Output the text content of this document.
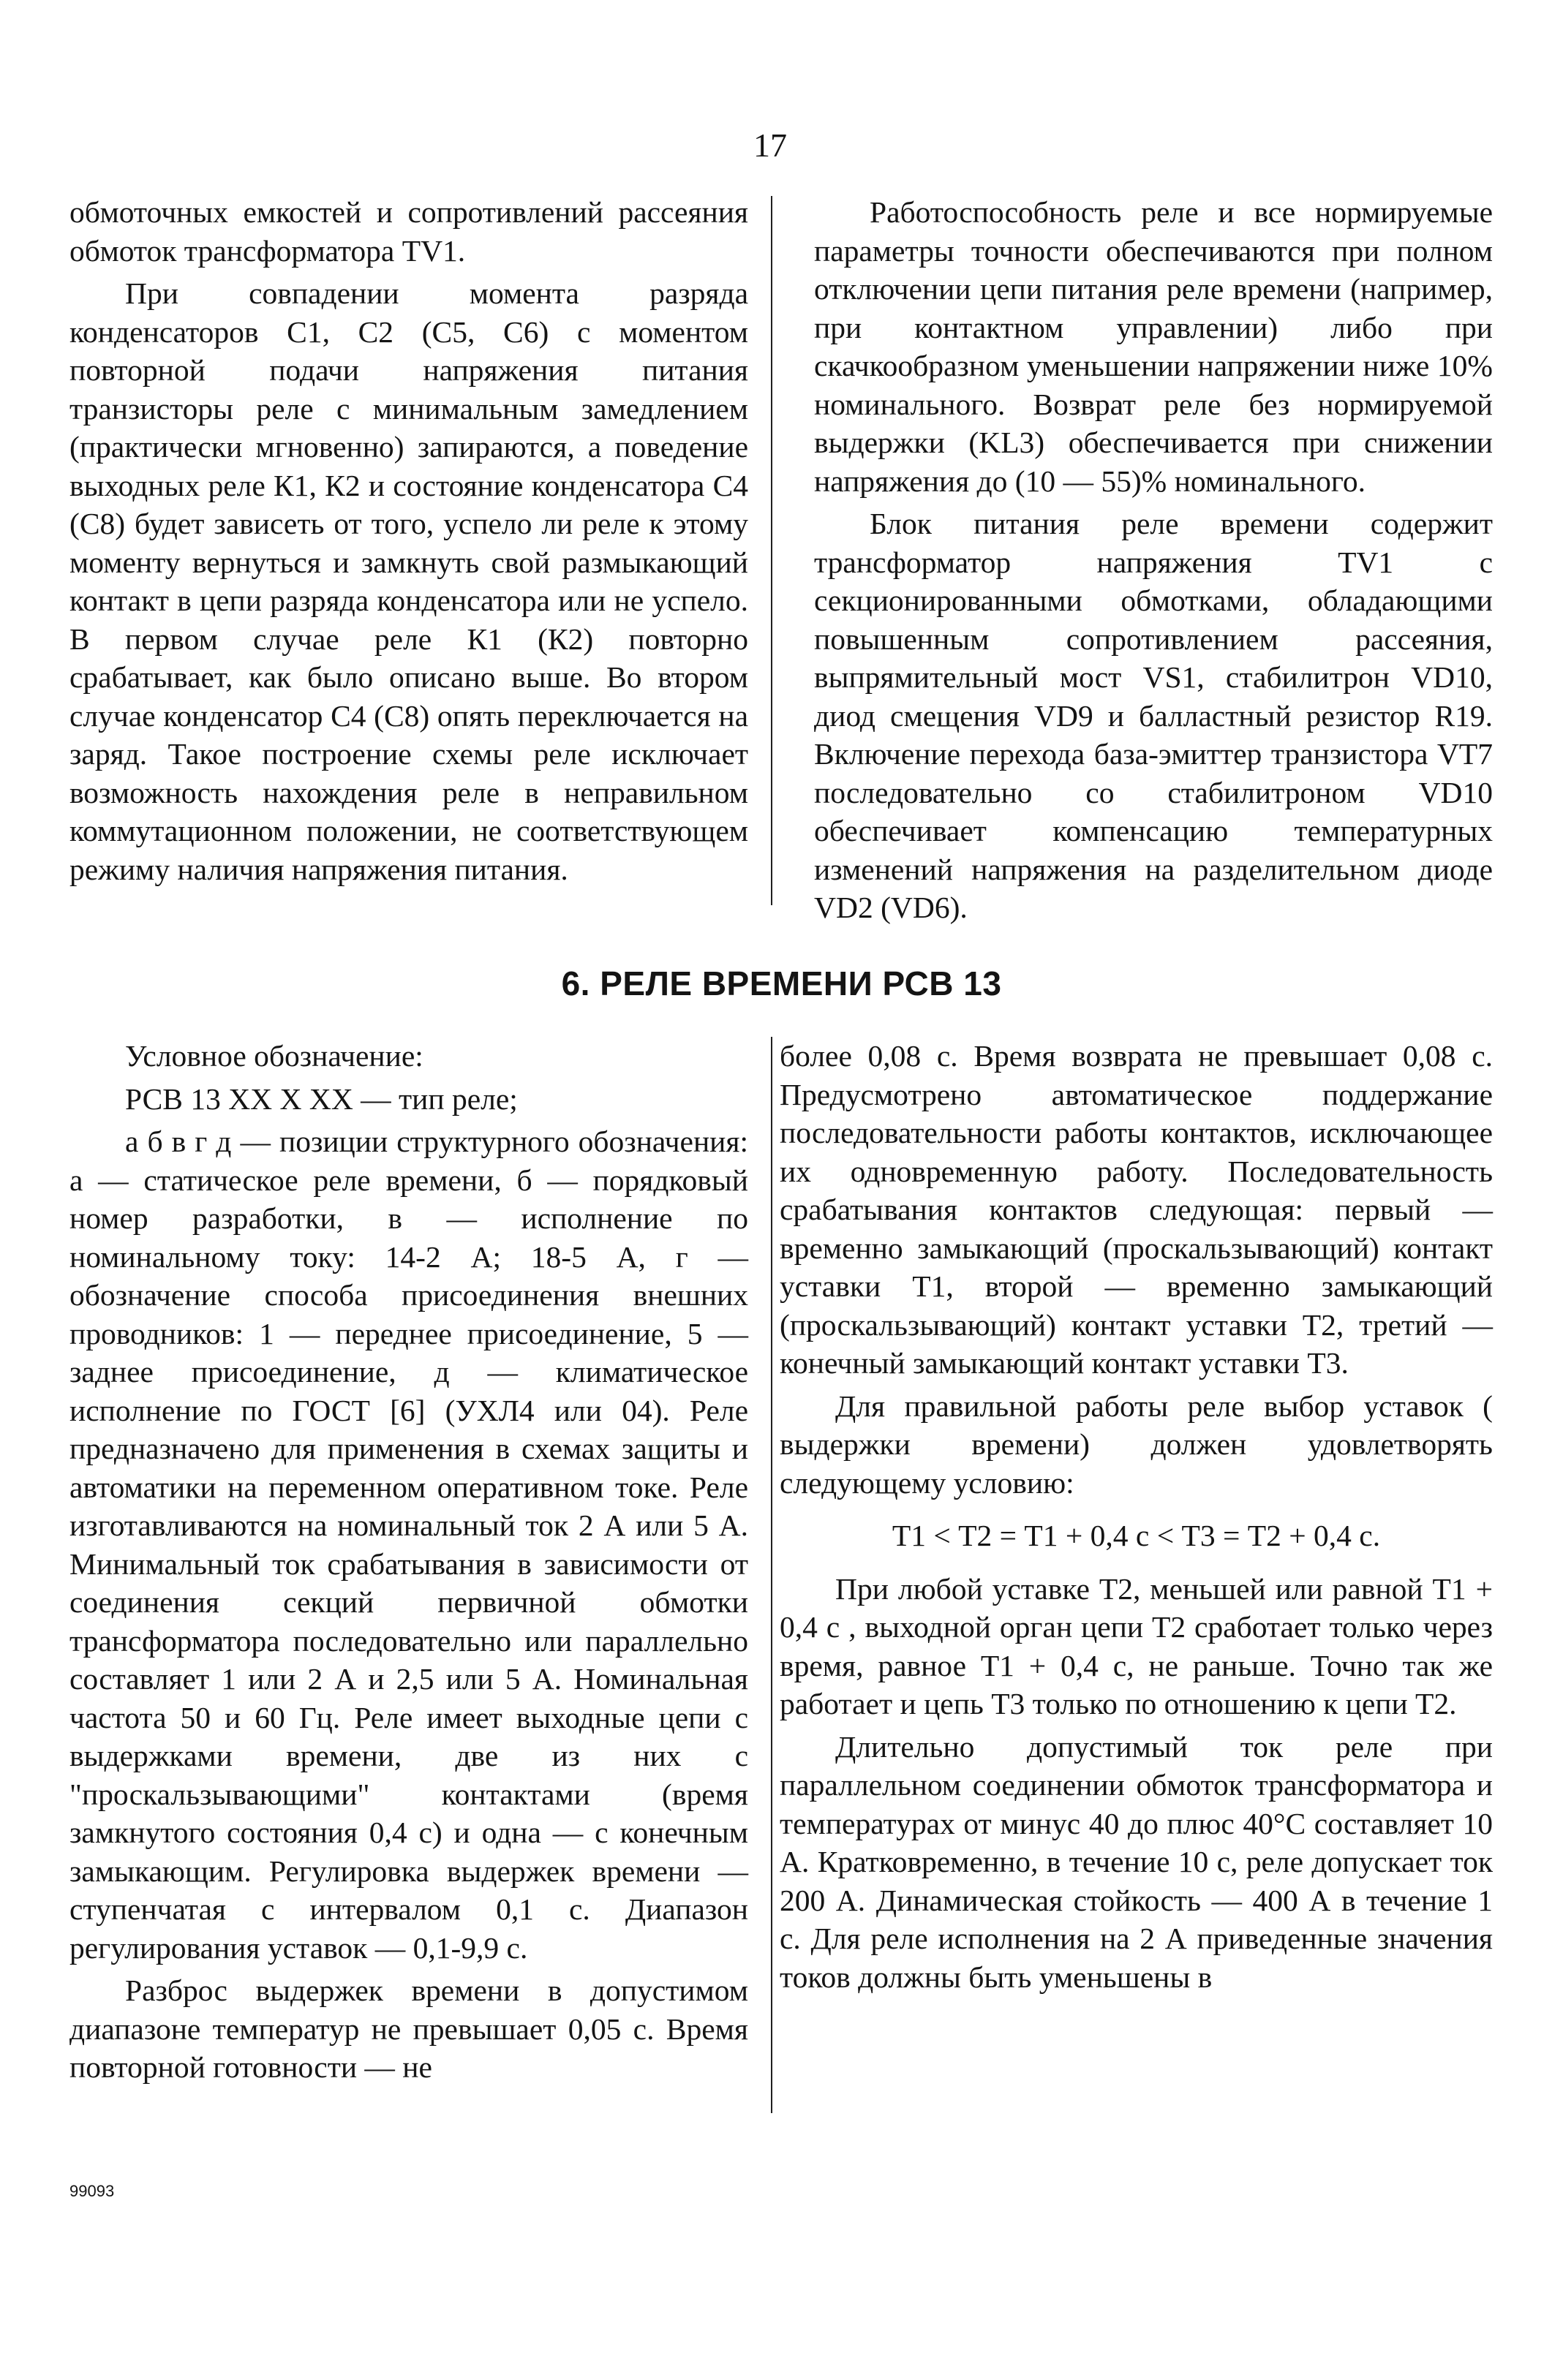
17

обмоточных емкостей и сопротивлений рассеяния обмоток трансформатора TV1.

При совпадении момента разряда конденсаторов С1, С2 (С5, С6) с моментом повторной подачи напряжения питания транзисторы реле с минимальным замедлением (практически мгновенно) запираются, а поведение выходных реле К1, К2 и состояние конденсатора С4 (С8) будет зависеть от того, успело ли реле к этому моменту вернуться и замкнуть свой размыкающий контакт в цепи разряда конденсатора или не успело. В первом случае реле К1 (К2) повторно срабатывает, как было описано выше. Во втором случае конденсатор С4 (С8) опять переключается на заряд. Такое построение схемы реле исключает возможность нахождения реле в неправильном коммутационном положении, не соответствующем режиму наличия напряжения питания.

Работоспособность реле и все нормируемые параметры точности обеспечиваются при полном отключении цепи питания реле времени (например, при контактном управлении) либо при скачкообразном уменьшении напряжении ниже 10% номинального. Возврат реле без нормируемой выдержки (KL3) обеспечивается при снижении напряжения до (10 — 55)% номинального.

Блок питания реле времени содержит трансформатор напряжения TV1 с секционированными обмотками, обладающими повышенным сопротивлением рассеяния, выпрямительный мост VS1, стабилитрон VD10, диод смещения VD9 и балластный резистор R19. Включение перехода база-эмиттер транзистора VT7 последовательно со стабилитроном VD10 обеспечивает компенсацию температурных изменений напряжения на разделительном диоде VD2 (VD6).

6. РЕЛЕ ВРЕМЕНИ РСВ 13

Условное обозначение:

РСВ 13 ХХ Х ХХ — тип реле;

а б в г д — позиции структурного обозначения: а — статическое реле времени, б — порядковый номер разработки, в — исполнение по номинальному току: 14-2 А; 18-5 А, г — обозначение способа присоединения внешних проводников: 1 — переднее присоединение, 5 — заднее присоединение, д — климатическое исполнение по ГОСТ [6] (УХЛ4 или 04). Реле предназначено для применения в схемах защиты и автоматики на переменном оперативном токе. Реле изготавливаются на номинальный ток 2 А или 5 А. Минимальный ток срабатывания в зависимости от соединения секций первичной обмотки трансформатора последовательно или параллельно составляет 1 или 2 А и 2,5 или 5 А. Номинальная частота 50 и 60 Гц. Реле имеет выходные цепи с выдержками времени, две из них с "проскальзывающими" контактами (время замкнутого состояния 0,4 с) и одна — с конечным замыкающим. Регулировка выдержек времени — ступенчатая с интервалом 0,1 с. Диапазон регулирования уставок — 0,1-9,9 с.

Разброс выдержек времени в допустимом диапазоне температур не превышает 0,05 с. Время повторной готовности — не

более 0,08 с. Время возврата не превышает 0,08 с. Предусмотрено автоматическое поддержание последовательности работы контактов, исключающее их одновременную работу. Последовательность срабатывания контактов следующая: первый — временно замыкающий (проскальзывающий) контакт уставки Т1, второй — временно замыкающий (проскальзывающий) контакт уставки Т2, третий — конечный замыкающий контакт уставки Т3.

Для правильной работы реле выбор уставок ( выдержки времени) должен удовлетворять следующему условию:

Т1 < Т2 = Т1 + 0,4 с < Т3 = Т2 + 0,4 с.

При любой уставке Т2, меньшей или равной Т1 + 0,4 с , выходной орган цепи Т2 сработает только через время, равное Т1 + 0,4 с, не раньше. Точно так же работает и цепь Т3 только по отношению к цепи Т2.

Длительно допустимый ток реле при параллельном соединении обмоток трансформатора и температурах от минус 40 до плюс 40°С составляет 10 А. Кратковременно, в течение 10 с, реле допускает ток 200 А. Динамическая стойкость — 400 А в течение 1 с. Для реле исполнения на 2 А приведенные значения токов должны быть уменьшены в

99093
